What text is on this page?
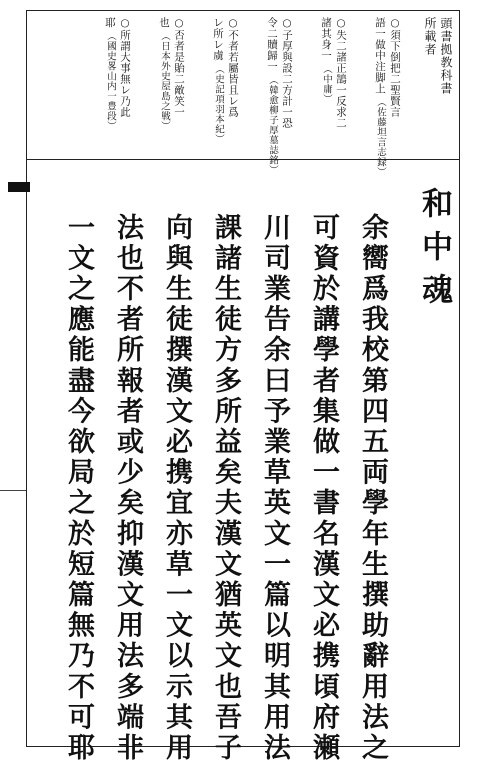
頭書拠教科書
所載者
○須下倒把二聖賢言
語一做中注脚上（佐藤坦言志録）
○失二諸正鵠一反求二
諸其身一（中庸）
○子厚與設二方計一恐
令二贖歸一（韓愈柳子厚墓誌銘）
○不者若屬皆且レ爲
レ所レ虜（史記項羽本紀）
○否者是貽二敵笑一
也（日本外史屋島之戦）
○所謂大事無レ乃此
耶（國史畧山内一豊段）
和中魂
余嚮爲我校第四五両學年生撰助辭用法之
可資於講學者集做一書名漢文必携頃府瀬
川司業告余曰予業草英文一篇以明其用法
課諸生徒方多所益矣夫漢文猶英文也吾子
向與生徒撰漢文必携宜亦草一文以示其用
法也不者所報者或少矣抑漢文用法多端非
一文之應能盡今欲局之於短篇無乃不可耶
